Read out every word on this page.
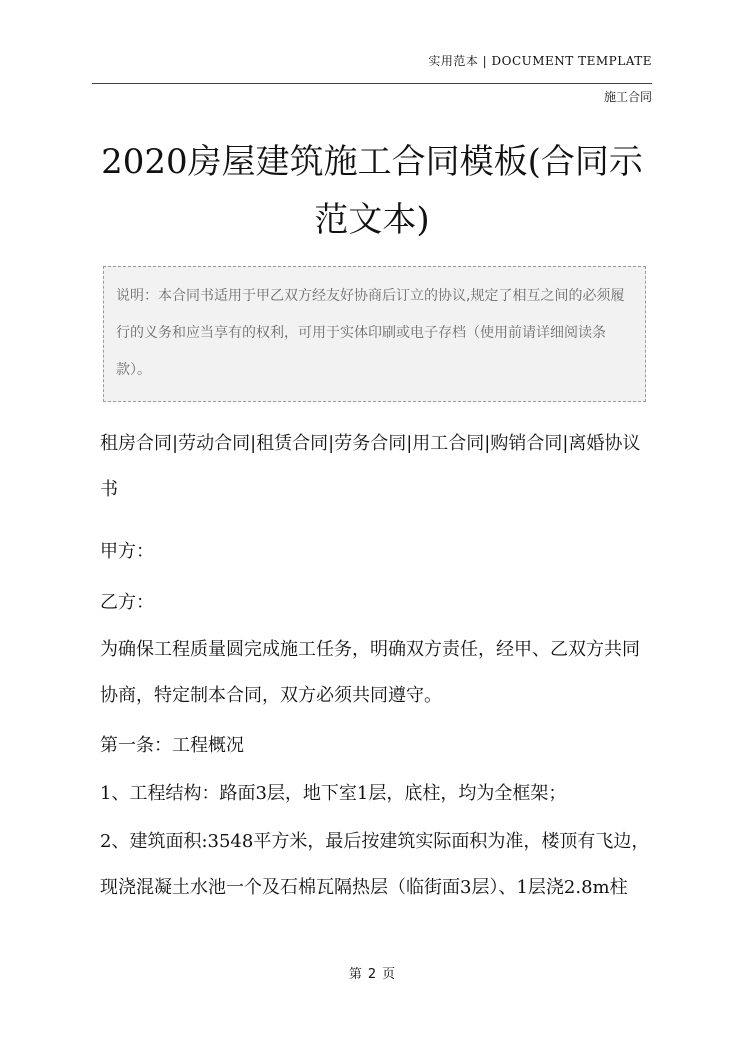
实用范本 | DOCUMENT TEMPLATE
施工合同
2020房屋建筑施工合同模板(合同示范文本)
说明：本合同书适用于甲乙双方经友好协商后订立的协议,规定了相互之间的必须履行的义务和应当享有的权利，可用于实体印刷或电子存档（使用前请详细阅读条款）。
租房合同|劳动合同|租赁合同|劳务合同|用工合同|购销合同|离婚协议书
甲方：
乙方：
为确保工程质量圆完成施工任务，明确双方责任，经甲、乙双方共同协商，特定制本合同，双方必须共同遵守。
第一条：工程概况
1、工程结构：路面3层，地下室1层，底柱，均为全框架；
2、建筑面积:3548平方米，最后按建筑实际面积为准，楼顶有飞边，现浇混凝土水池一个及石棉瓦隔热层（临街面3层）、1层浇2.8m柱
第 2 页
